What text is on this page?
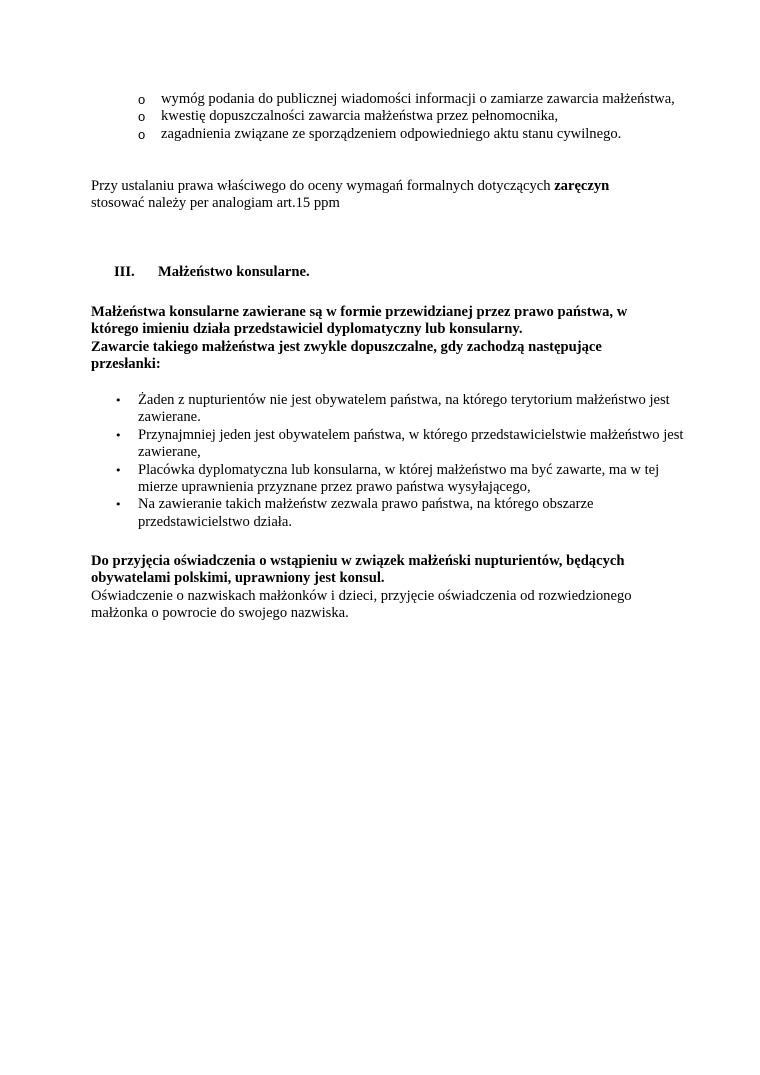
o wymóg podania do publicznej wiadomości informacji o zamiarze zawarcia małżeństwa,
o kwestię dopuszczalności zawarcia małżeństwa przez pełnomocnika,
o zagadnienia związane ze sporządzeniem odpowiedniego aktu stanu cywilnego.

Przy ustalaniu prawa właściwego do oceny wymagań formalnych dotyczących zaręczyn stosować należy per analogiam art.15 ppm

III. Małżeństwo konsularne.

Małżeństwa konsularne zawierane są w formie przewidzianej przez prawo państwa, w którego imieniu działa przedstawiciel dyplomatyczny lub konsularny.

Zawarcie takiego małżeństwa jest zwykle dopuszczalne, gdy zachodzą następujące przesłanki:

• Żaden z nupturientów nie jest obywatelem państwa, na którego terytorium małżeństwo jest zawierane.
• Przynajmniej jeden jest obywatelem państwa, w którego przedstawicielstwie małżeństwo jest zawierane,
• Placówka dyplomatyczna lub konsularna, w której małżeństwo ma być zawarte, ma w tej mierze uprawnienia przyznane przez prawo państwa wysyłającego,
• Na zawieranie takich małżeństw zezwala prawo państwa, na którego obszarze przedstawicielstwo działa.

Do przyjęcia oświadczenia o wstąpieniu w związek małżeński nupturientów, będących obywatelami polskimi, uprawniony jest konsul.

Oświadczenie o nazwiskach małżonków i dzieci, przyjęcie oświadczenia od rozwiedzionego małżonka o powrocie do swojego nazwiska.
